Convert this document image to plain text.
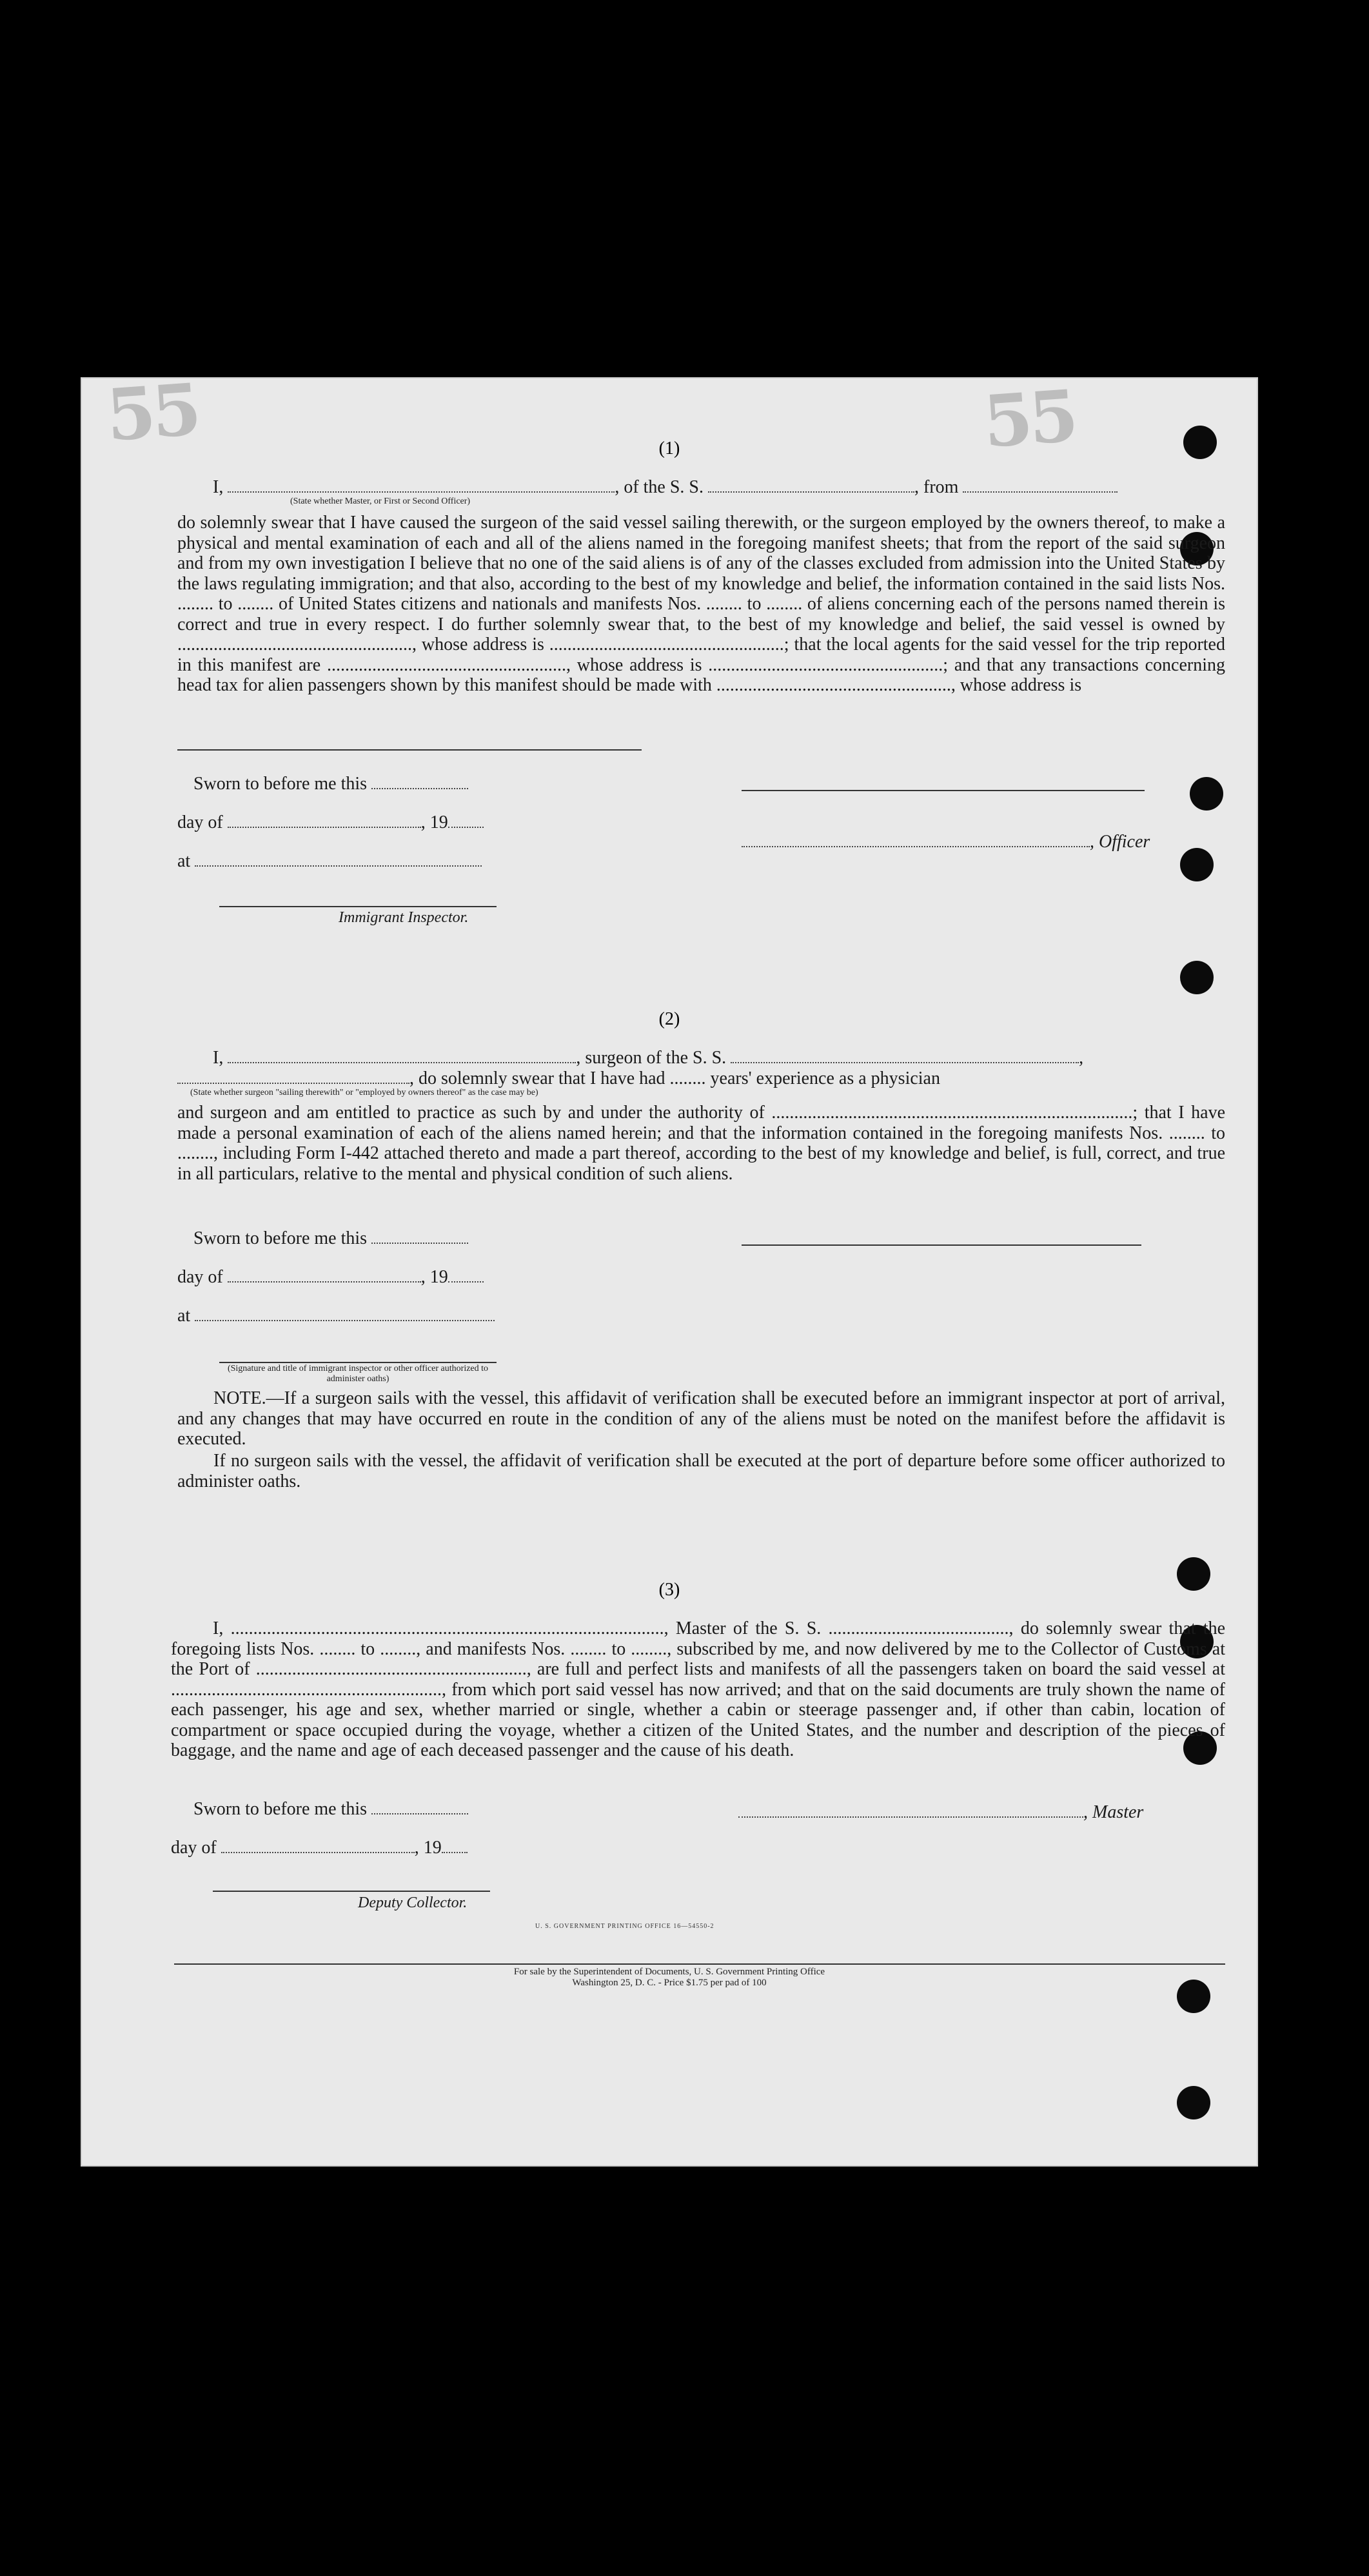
55	55
(1)
I,	, of the S. S.	, from
(State whether Master, or First or Second Officer)
do solemnly swear that I have caused the surgeon of the said vessel sailing therewith, or the surgeon employed by the owners thereof, to make a physical and mental examination of each and all of the aliens named in the foregoing manifest sheets; that from the report of the said surgeon and from my own investigation I believe that no one of the said aliens is of any of the classes excluded from admission into the United States by the laws regulating immigration; and that also, according to the best of my knowledge and belief, the information contained in the said lists Nos. ........ to ........ of United States citizens and nationals and manifests Nos. ........ to ........ of aliens concerning each of the persons named therein is correct and true in every respect. I do further solemnly swear that, to the best of my knowledge and belief, the said vessel is owned by ...................................................., whose address is ....................................................; that the local agents for the said vessel for the trip reported in this manifest are ....................................................., whose address is ....................................................; and that any transactions concerning head tax for alien passengers shown by this manifest should be made with ...................................................., whose address is
Sworn to before me this
day of	, 19
, Officer
at
Immigrant Inspector.
(2)
I,	, surgeon of the S. S.	,
, do solemnly swear that I have had ........ years' experience as a physician
(State whether surgeon "sailing therewith" or "employed by owners thereof" as the case may be)
and surgeon and am entitled to practice as such by and under the authority of ................................................................................; that I have made a personal examination of each of the aliens named herein; and that the information contained in the foregoing manifests Nos. ........ to ........, including Form I-442 attached thereto and made a part thereof, according to the best of my knowledge and belief, is full, correct, and true in all particulars, relative to the mental and physical condition of such aliens.
Sworn to before me this
day of	, 19
at
(Signature and title of immigrant inspector or other officer authorized to administer oaths)
NOTE.—If a surgeon sails with the vessel, this affidavit of verification shall be executed before an immigrant inspector at port of arrival, and any changes that may have occurred en route in the condition of any of the aliens must be noted on the manifest before the affidavit is executed.
If no surgeon sails with the vessel, the affidavit of verification shall be executed at the port of departure before some officer authorized to administer oaths.
(3)
I, ................................................................................................, Master of the S. S. ........................................, do solemnly swear that the foregoing lists Nos. ........ to ........, and manifests Nos. ........ to ........, subscribed by me, and now delivered by me to the Collector of Customs at the Port of ............................................................, are full and perfect lists and manifests of all the passengers taken on board the said vessel at ............................................................, from which port said vessel has now arrived; and that on the said documents are truly shown the name of each passenger, his age and sex, whether married or single, whether a cabin or steerage passenger and, if other than cabin, location of compartment or space occupied during the voyage, whether a citizen of the United States, and the number and description of the pieces of baggage, and the name and age of each deceased passenger and the cause of his death.
Sworn to before me this	, Master
day of	, 19
Deputy Collector.
U. S. GOVERNMENT PRINTING OFFICE 16—54550-2
For sale by the Superintendent of Documents, U. S. Government Printing Office
Washington 25, D. C. - Price $1.75 per pad of 100
